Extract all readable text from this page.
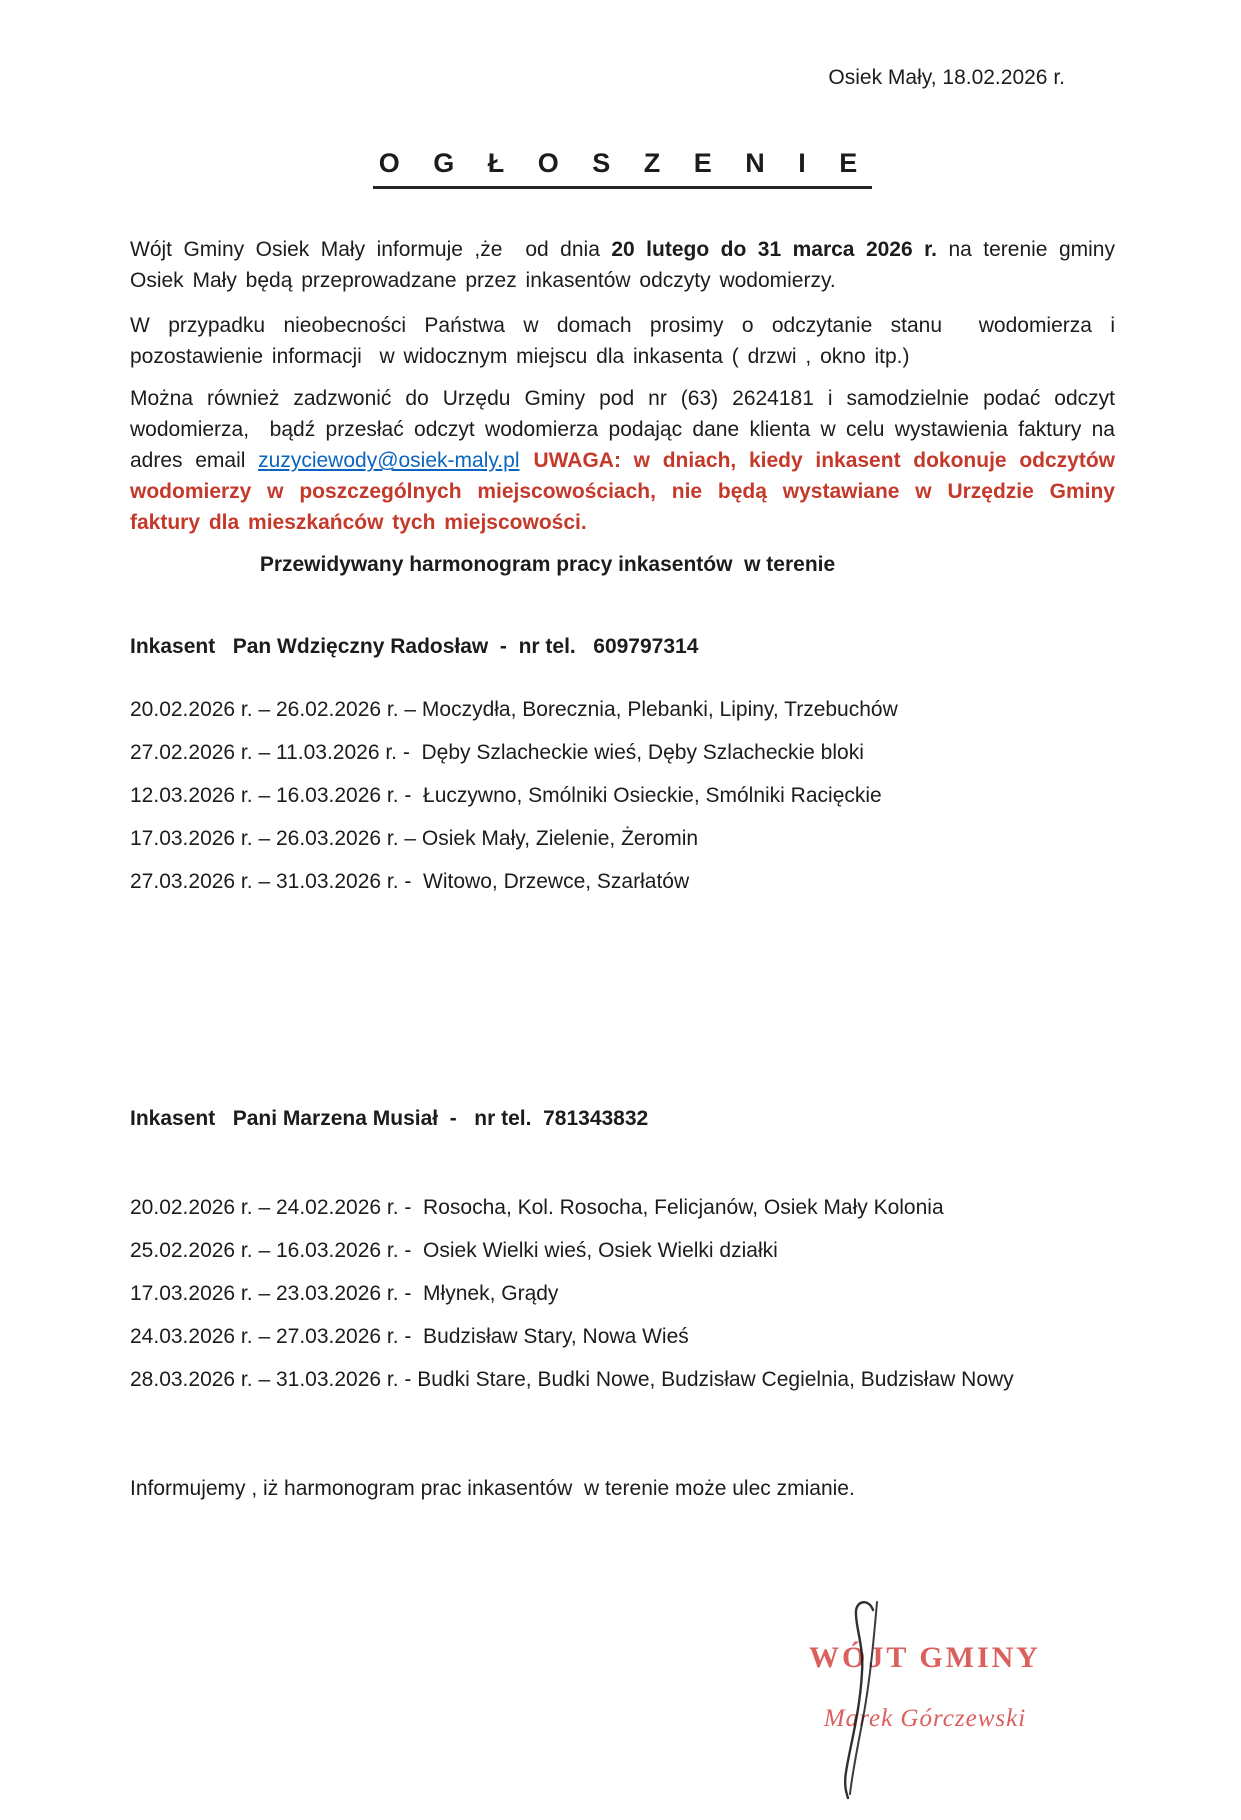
Osiek Mały, 18.02.2026 r.
O G Ł O S Z E N I E

Wójt Gminy Osiek Mały informuje ,że  od dnia 20 lutego do 31 marca 2026 r. na terenie gminy Osiek Mały będą przeprowadzane przez inkasentów odczyty wodomierzy.

W przypadku nieobecności Państwa w domach prosimy o odczytanie stanu  wodomierza i pozostawienie informacji  w widocznym miejscu dla inkasenta ( drzwi , okno itp.)

Można również zadzwonić do Urzędu Gminy pod nr (63) 2624181 i samodzielnie podać odczyt wodomierza,  bądź przesłać odczyt wodomierza podając dane klienta w celu wystawienia faktury na adres email zuzyciewody@osiek-maly.pl UWAGA: w dniach, kiedy inkasent dokonuje odczytów wodomierzy w poszczególnych miejscowościach, nie będą wystawiane w Urzędzie Gminy faktury dla mieszkańców tych miejscowości.

Przewidywany harmonogram pracy inkasentów  w terenie

Inkasent   Pan Wdzięczny Radosław  -  nr tel.   609797314

20.02.2026 r. – 26.02.2026 r. – Moczydła, Borecznia, Plebanki, Lipiny, Trzebuchów

27.02.2026 r. – 11.03.2026 r. -  Dęby Szlacheckie wieś, Dęby Szlacheckie bloki

12.03.2026 r. – 16.03.2026 r. -  Łuczywno, Smólniki Osieckie, Smólniki Racięckie

17.03.2026 r. – 26.03.2026 r. – Osiek Mały, Zielenie, Żeromin

27.03.2026 r. – 31.03.2026 r. -  Witowo, Drzewce, Szarłatów

Inkasent   Pani Marzena Musiał  -   nr tel.  781343832

20.02.2026 r. – 24.02.2026 r. -  Rosocha, Kol. Rosocha, Felicjanów, Osiek Mały Kolonia

25.02.2026 r. – 16.03.2026 r. -  Osiek Wielki wieś, Osiek Wielki działki

17.03.2026 r. – 23.03.2026 r. -  Młynek, Grądy

24.03.2026 r. – 27.03.2026 r. -  Budzisław Stary, Nowa Wieś

28.03.2026 r. – 31.03.2026 r. - Budki Stare, Budki Nowe, Budzisław Cegielnia, Budzisław Nowy

Informujemy , iż harmonogram prac inkasentów  w terenie może ulec zmianie.

WÓJT GMINY
Marek Górczewski
